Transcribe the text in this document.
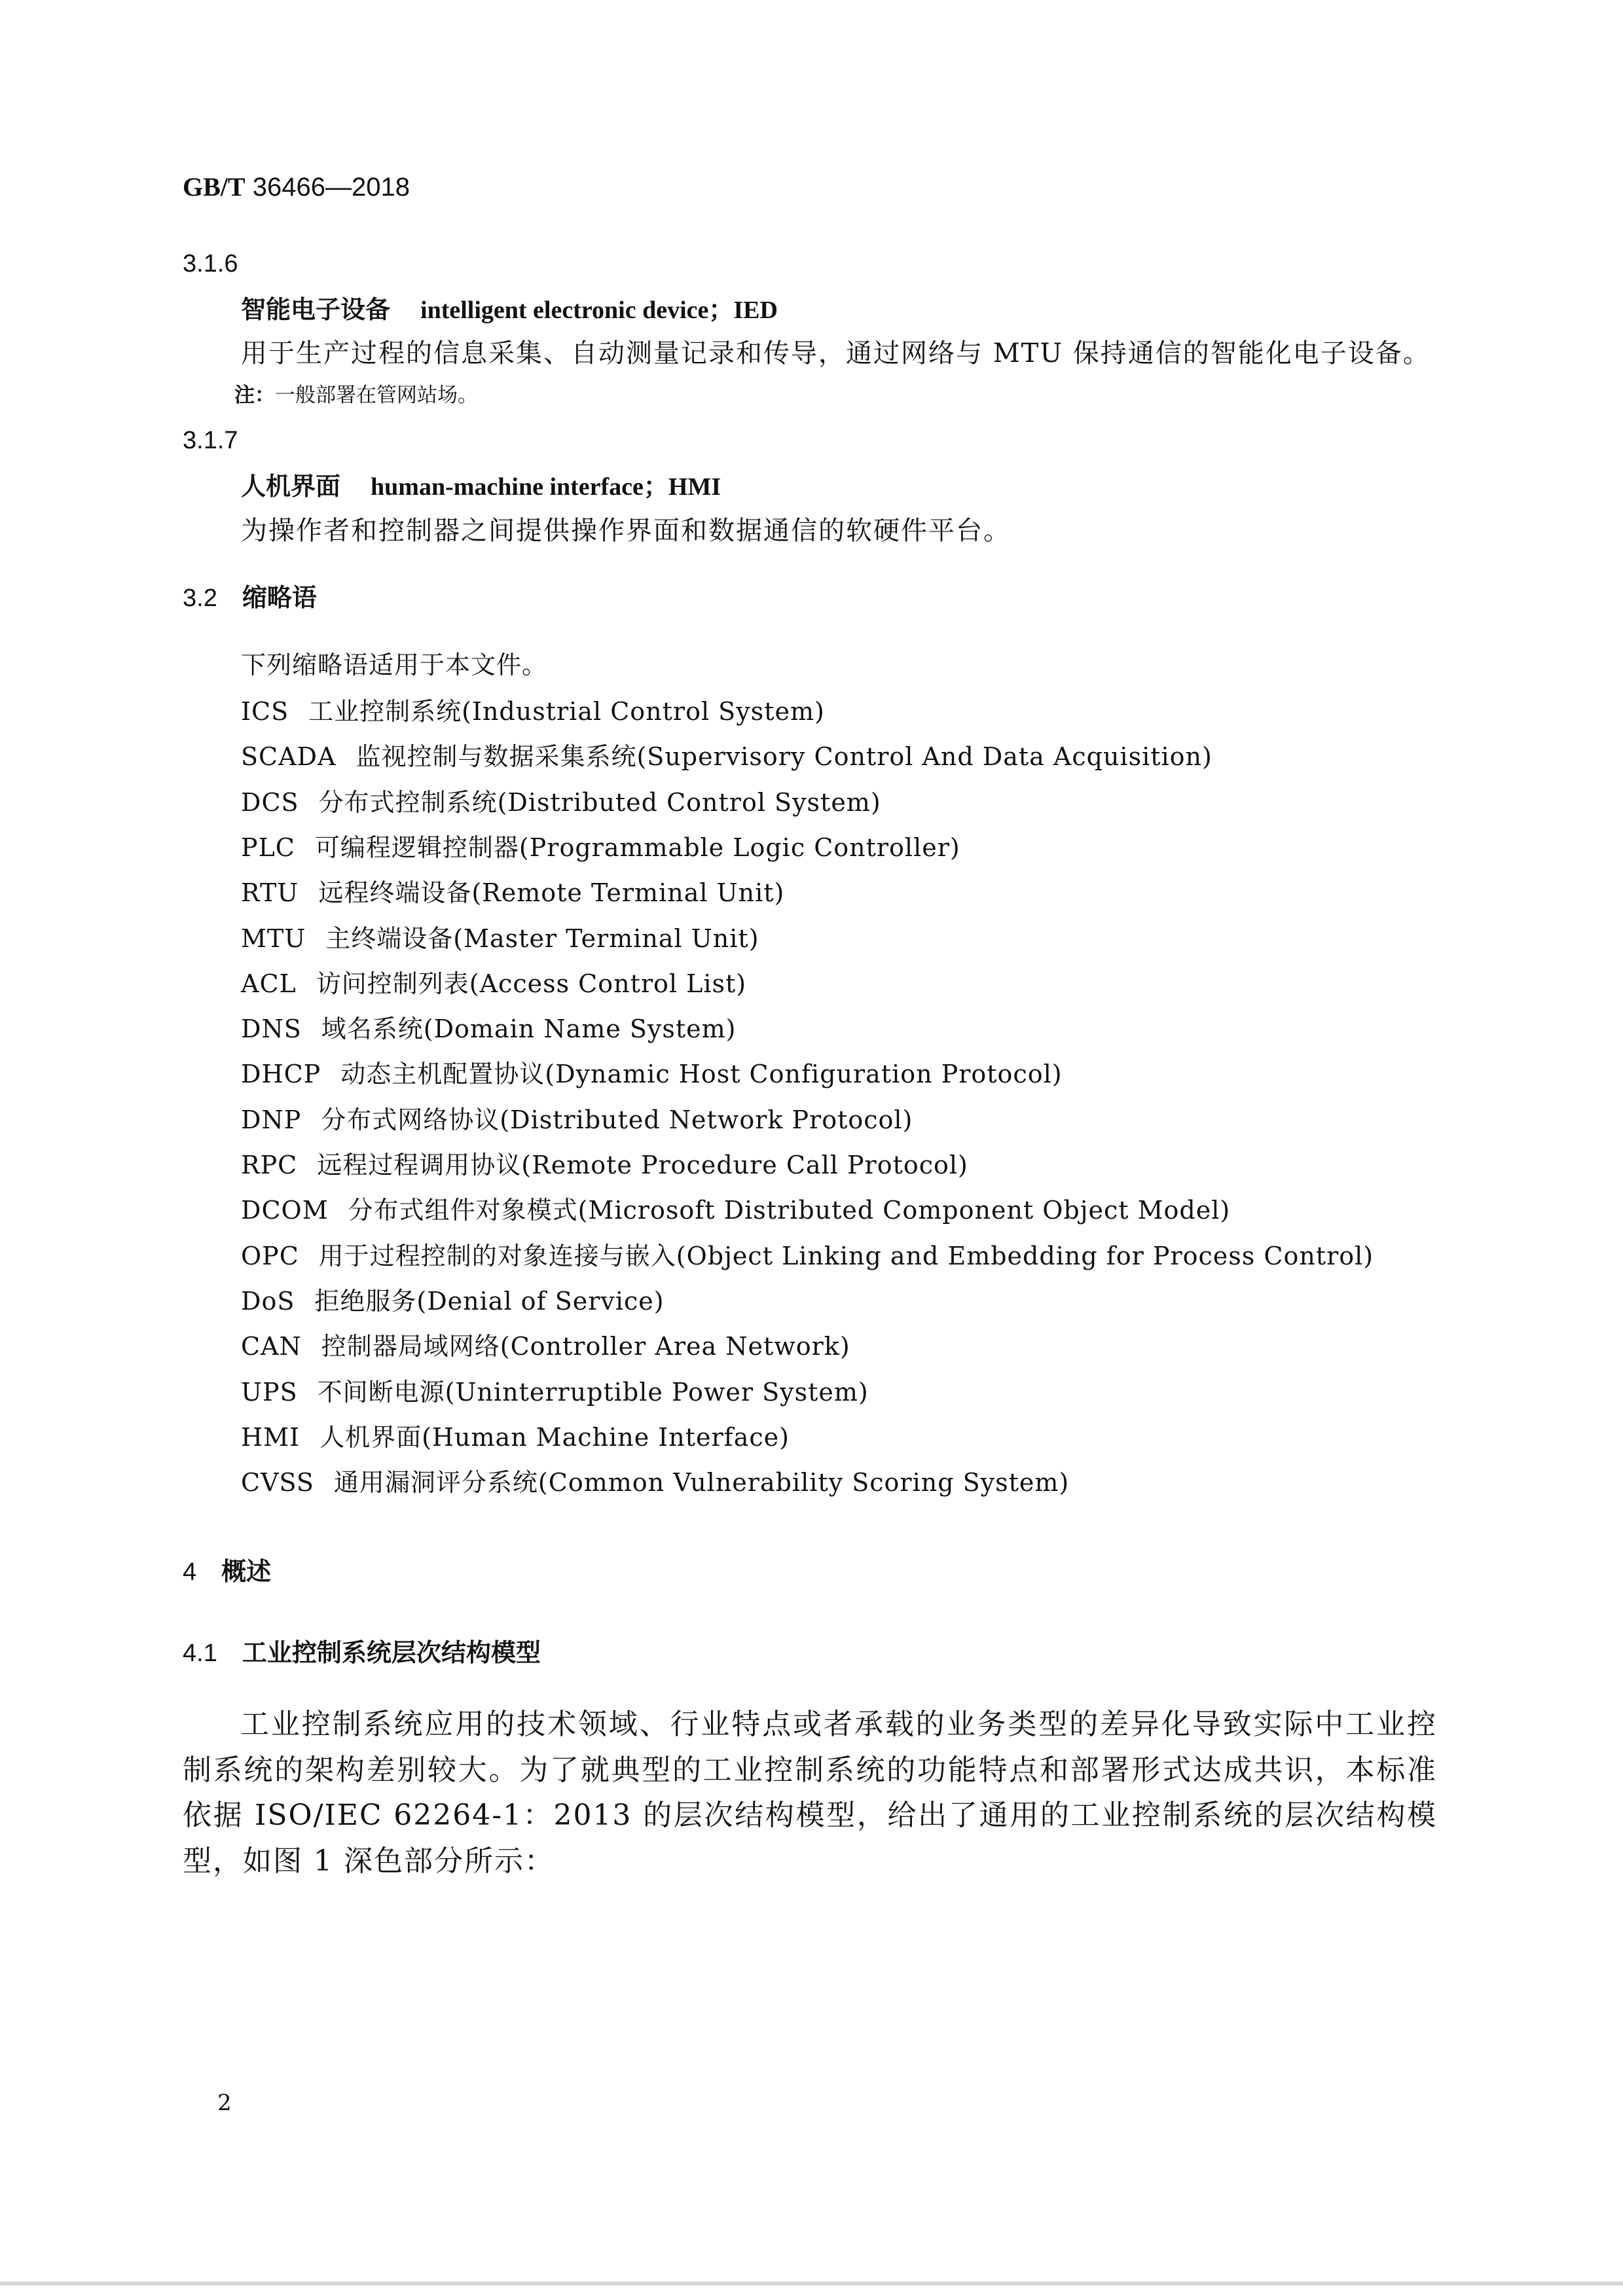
GB/T 36466—2018
3.1.6
智能电子设备 intelligent electronic device；IED
用于生产过程的信息采集、自动测量记录和传导，通过网络与 MTU 保持通信的智能化电子设备。
注：一般部署在管网站场。
3.1.7
人机界面 human-machine interface；HMI
为操作者和控制器之间提供操作界面和数据通信的软硬件平台。
3.2 缩略语
下列缩略语适用于本文件。
ICS 工业控制系统(Industrial Control System)
SCADA 监视控制与数据采集系统(Supervisory Control And Data Acquisition)
DCS 分布式控制系统(Distributed Control System)
PLC 可编程逻辑控制器(Programmable Logic Controller)
RTU 远程终端设备(Remote Terminal Unit)
MTU 主终端设备(Master Terminal Unit)
ACL 访问控制列表(Access Control List)
DNS 域名系统(Domain Name System)
DHCP 动态主机配置协议(Dynamic Host Configuration Protocol)
DNP 分布式网络协议(Distributed Network Protocol)
RPC 远程过程调用协议(Remote Procedure Call Protocol)
DCOM 分布式组件对象模式(Microsoft Distributed Component Object Model)
OPC 用于过程控制的对象连接与嵌入(Object Linking and Embedding for Process Control)
DoS 拒绝服务(Denial of Service)
CAN 控制器局域网络(Controller Area Network)
UPS 不间断电源(Uninterruptible Power System)
HMI 人机界面(Human Machine Interface)
CVSS 通用漏洞评分系统(Common Vulnerability Scoring System)
4 概述
4.1 工业控制系统层次结构模型
工业控制系统应用的技术领域、行业特点或者承载的业务类型的差异化导致实际中工业控制系统的架构差别较大。为了就典型的工业控制系统的功能特点和部署形式达成共识，本标准依据 ISO/IEC 62264-1：2013 的层次结构模型，给出了通用的工业控制系统的层次结构模型，如图 1 深色部分所示：
2
